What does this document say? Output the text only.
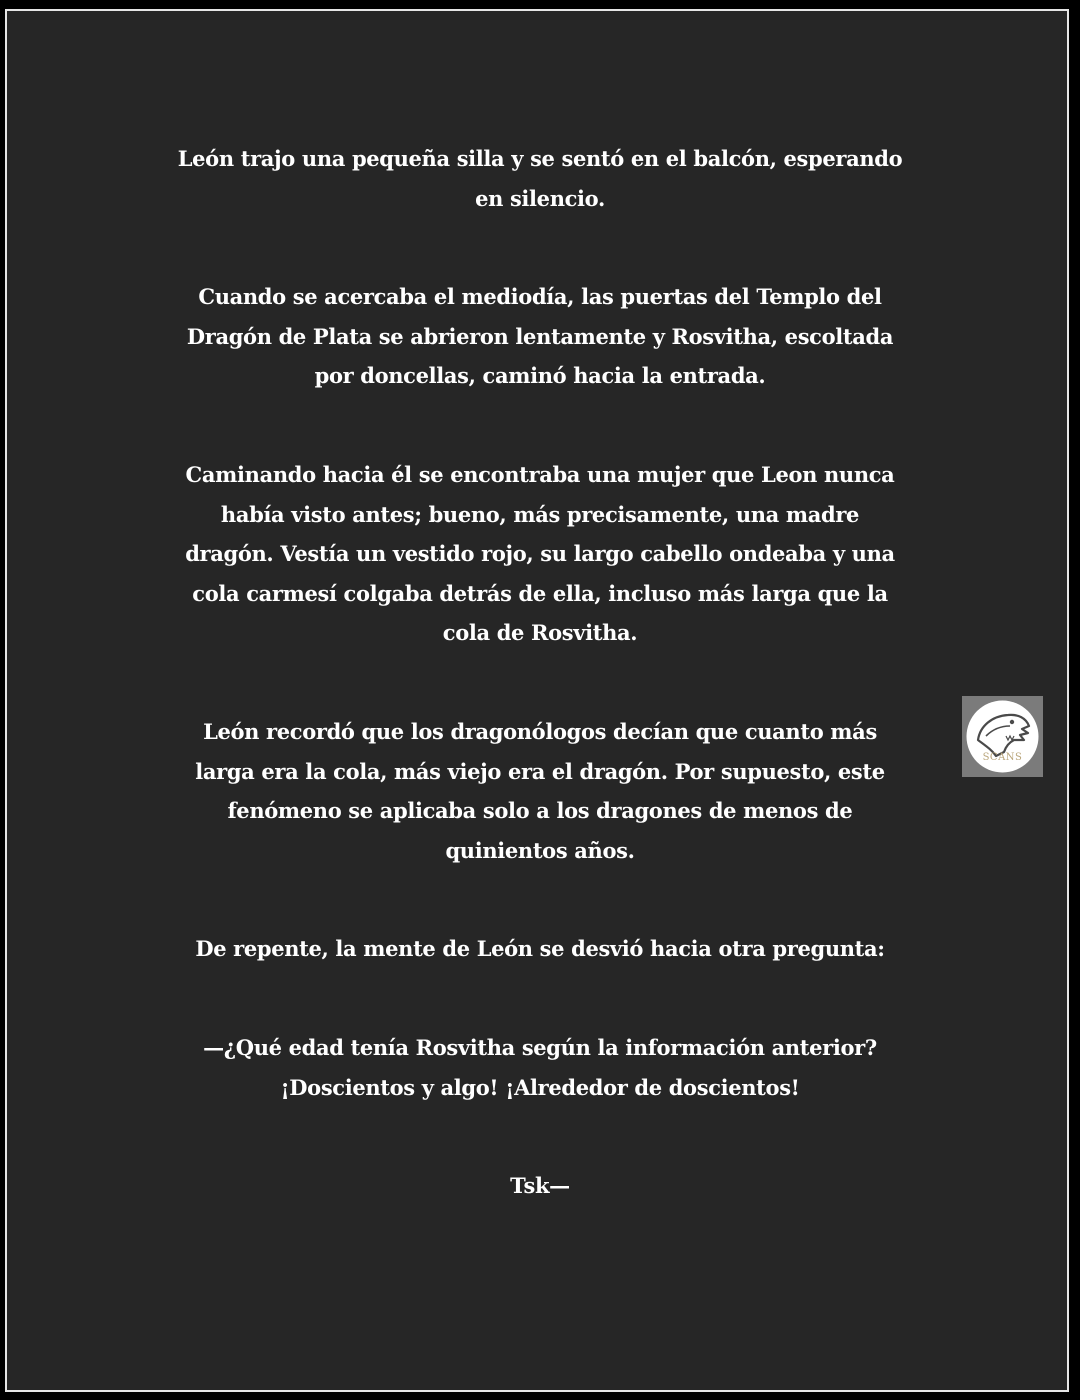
León trajo una pequeña silla y se sentó en el balcón, esperando
en silencio.

Cuando se acercaba el mediodía, las puertas del Templo del
Dragón de Plata se abrieron lentamente y Rosvitha, escoltada
por doncellas, caminó hacia la entrada.

Caminando hacia él se encontraba una mujer que Leon nunca
había visto antes; bueno, más precisamente, una madre
dragón. Vestía un vestido rojo, su largo cabello ondeaba y una
cola carmesí colgaba detrás de ella, incluso más larga que la
cola de Rosvitha.

León recordó que los dragonólogos decían que cuanto más
larga era la cola, más viejo era el dragón. Por supuesto, este
fenómeno se aplicaba solo a los dragones de menos de
quinientos años.

De repente, la mente de León se desvió hacia otra pregunta:

—¿Qué edad tenía Rosvitha según la información anterior?
¡Doscientos y algo! ¡Alrededor de doscientos!

Tsk—

SCANS
